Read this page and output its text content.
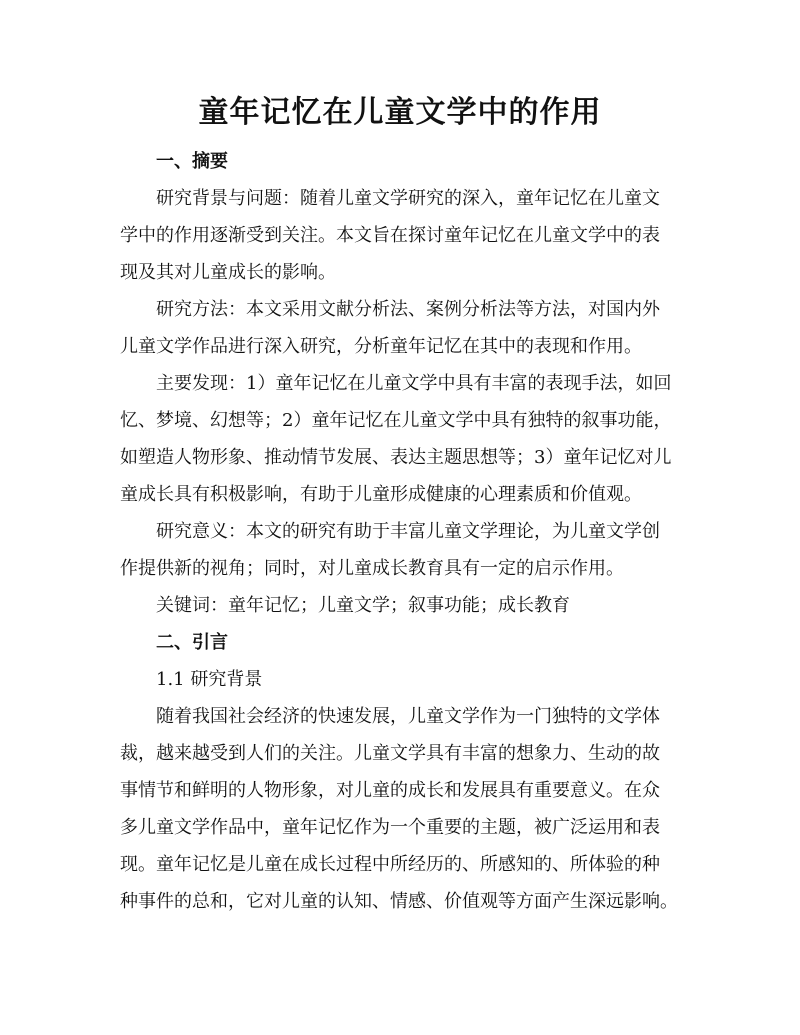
童年记忆在儿童文学中的作用
一、摘要
研究背景与问题：随着儿童文学研究的深入，童年记忆在儿童文
学中的作用逐渐受到关注。本文旨在探讨童年记忆在儿童文学中的表
现及其对儿童成长的影响。
研究方法：本文采用文献分析法、案例分析法等方法，对国内外
儿童文学作品进行深入研究，分析童年记忆在其中的表现和作用。
主要发现：1）童年记忆在儿童文学中具有丰富的表现手法，如回
忆、梦境、幻想等；2）童年记忆在儿童文学中具有独特的叙事功能，
如塑造人物形象、推动情节发展、表达主题思想等；3）童年记忆对儿
童成长具有积极影响，有助于儿童形成健康的心理素质和价值观。
研究意义：本文的研究有助于丰富儿童文学理论，为儿童文学创
作提供新的视角；同时，对儿童成长教育具有一定的启示作用。
关键词：童年记忆；儿童文学；叙事功能；成长教育
二、引言
1.1 研究背景
随着我国社会经济的快速发展，儿童文学作为一门独特的文学体
裁，越来越受到人们的关注。儿童文学具有丰富的想象力、生动的故
事情节和鲜明的人物形象，对儿童的成长和发展具有重要意义。在众
多儿童文学作品中，童年记忆作为一个重要的主题，被广泛运用和表
现。童年记忆是儿童在成长过程中所经历的、所感知的、所体验的种
种事件的总和，它对儿童的认知、情感、价值观等方面产生深远影响。
